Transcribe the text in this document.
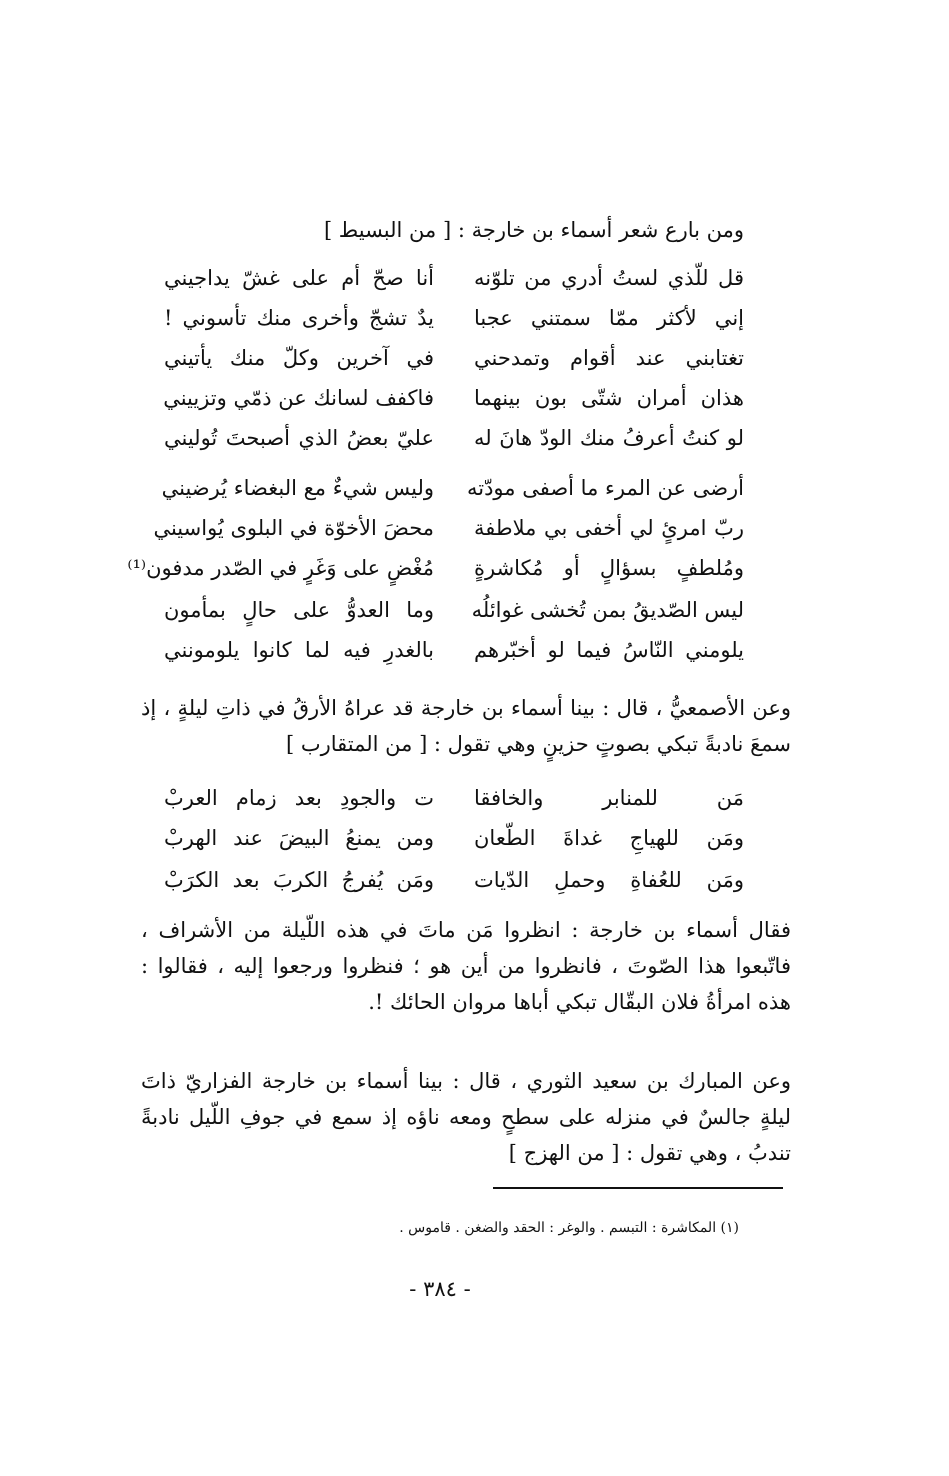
ومن بارع شعر أسماء بن خارجة : [ من البسيط ]
قل للّذي لستُ أدري من تلوّنه
أنا صحّ أم على غشّ يداجيني
إني لأكثر ممّا سمتني عجبا
يدٌ تشجّ وأخرى منك تأسوني !
تغتابني عند أقوام وتمدحني
في آخرين وكلّ منك يأتيني
هذان أمران شتّى بون بينهما
فاكفف لسانك عن ذمّي وتزييني
لو كنتُ أعرفُ منك الودّ هانَ له
عليّ بعضُ الذي أصبحتَ تُوليني
أرضى عن المرء ما أصفى مودّته
وليس شيءٌ مع البغضاء يُرضيني
ربّ امرئٍ لي أخفى بي ملاطفة
محضَ الأخوّة في البلوى يُواسيني
ومُلطفٍ بسؤالٍ أو مُكاشرةٍ
مُغْضٍ على وَغَرٍ في الصّدر مدفون⁽¹⁾
ليس الصّديقُ بمن تُخشى غوائلُه
وما العدوُّ على حالٍ بمأمون
يلومني النّاسُ فيما لو أخبّرهم
بالغدرِ فيه لما كانوا يلومونني

وعن الأصمعيُّ ، قال : بينا أسماء بن خارجة قد عراهُ الأرقُ في ذاتِ ليلةٍ ، إذ سمعَ نادبةً تبكي بصوتٍ حزينٍ وهي تقول : [ من المتقارب ]

مَن للمنابر والخافقا
ت والجودِ بعد زمام العربْ
ومَن للهياجِ غداةَ الطّعان
ومن يمنعُ البيضَ عند الهربْ
ومَن للعُفاةِ وحملِ الدّيات
ومَن يُفرجُ الكربَ بعد الكرَبْ

فقال أسماء بن خارجة : انظروا مَن ماتَ في هذه اللّيلة من الأشراف ، فاتّبعوا هذا الصّوتَ ، فانظروا من أين هو ؛ فنظروا ورجعوا إليه ، فقالوا : هذه امرأةُ فلان البقّال تبكي أباها مروان الحائك !.

وعن المبارك بن سعيد الثوري ، قال : بينا أسماء بن خارجة الفزاريّ ذاتَ ليلةٍ جالسٌ في منزله على سطحٍ ومعه ناؤه إذ سمع في جوفِ اللّيل نادبةً تندبُ ، وهي تقول : [ من الهزج ]

(١) المكاشرة : التبسم . والوغر : الحقد والضغن . قاموس .
- ٣٨٤ -
